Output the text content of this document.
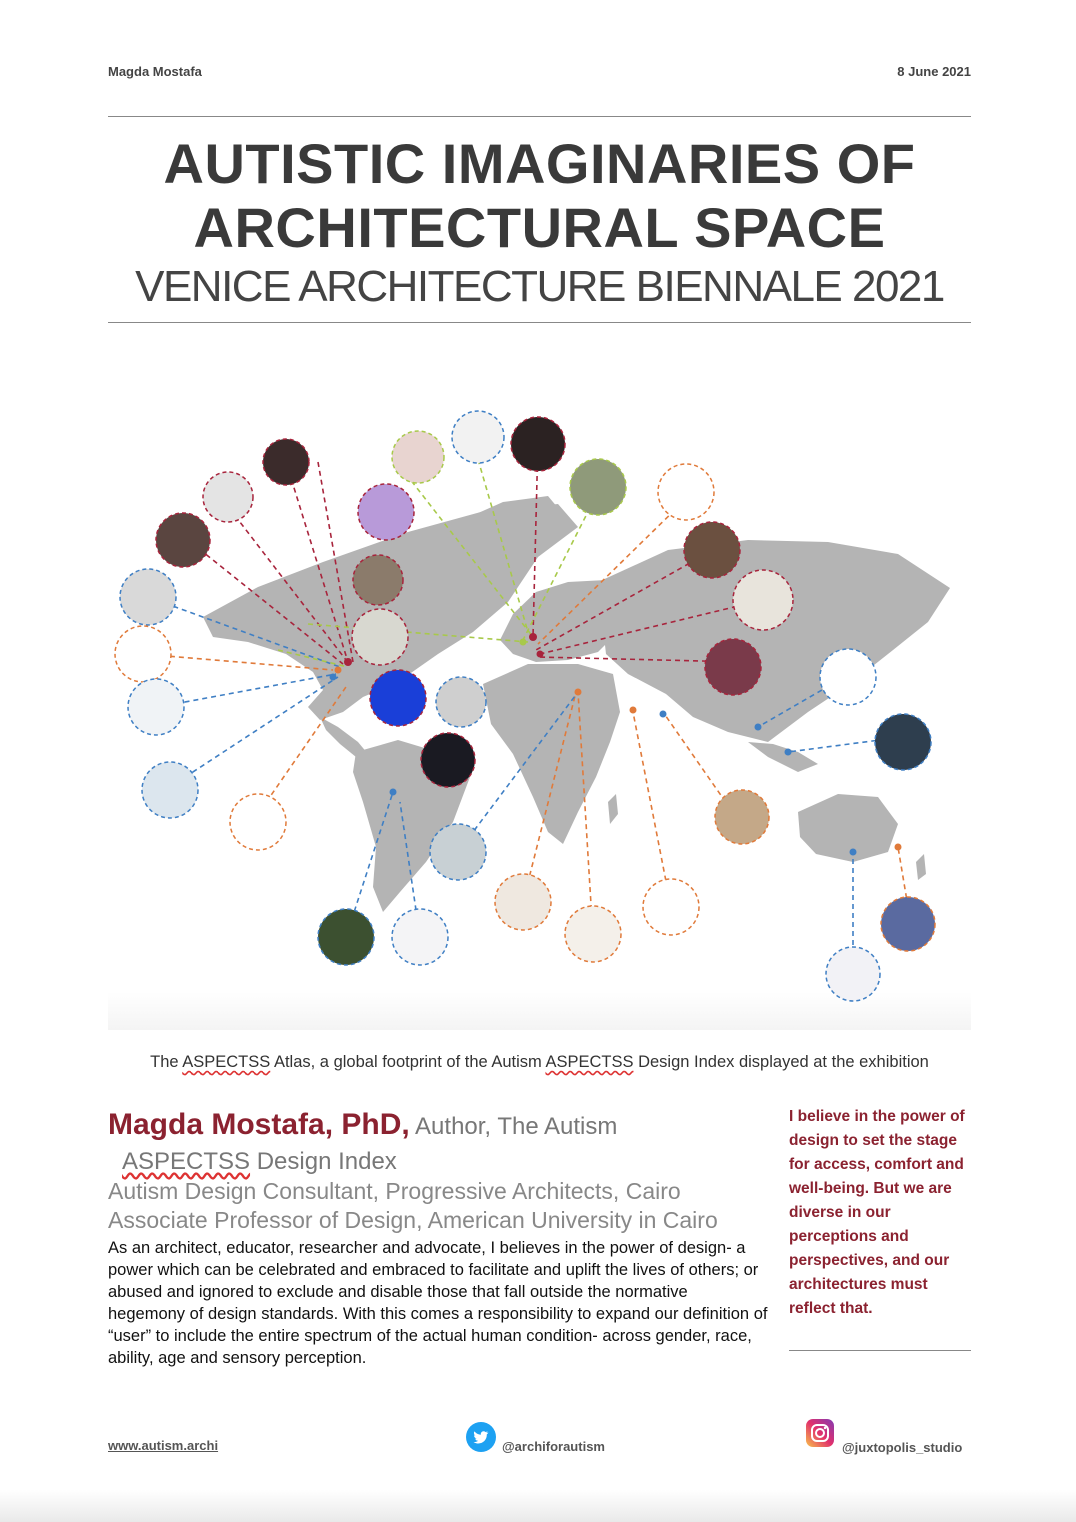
Magda Mostafa	8 June 2021
AUTISTIC IMAGINARIES OF
ARCHITECTURAL SPACE
VENICE ARCHITECTURE BIENNALE 2021
The ASPECTSS Atlas, a global footprint of the Autism ASPECTSS Design Index displayed at the exhibition
Magda Mostafa, PhD, Author, The Autism
ASPECTSS Design Index
Autism Design Consultant, Progressive Architects, Cairo
Associate Professor of Design, American University in Cairo
As an architect, educator, researcher and advocate, I believes in the power of design- a power which can be celebrated and embraced to facilitate and uplift the lives of others; or abused and ignored to exclude and disable those that fall outside the normative hegemony of design standards. With this comes a responsibility to expand our definition of “user” to include the entire spectrum of the actual human condition- across gender, race, ability, age and sensory perception.
I believe in the power of design to set the stage for access, comfort and well-being. But we are diverse in our perceptions and perspectives, and our architectures must reflect that.
www.autism.archi	@archiforautism	@juxtopolis_studio
